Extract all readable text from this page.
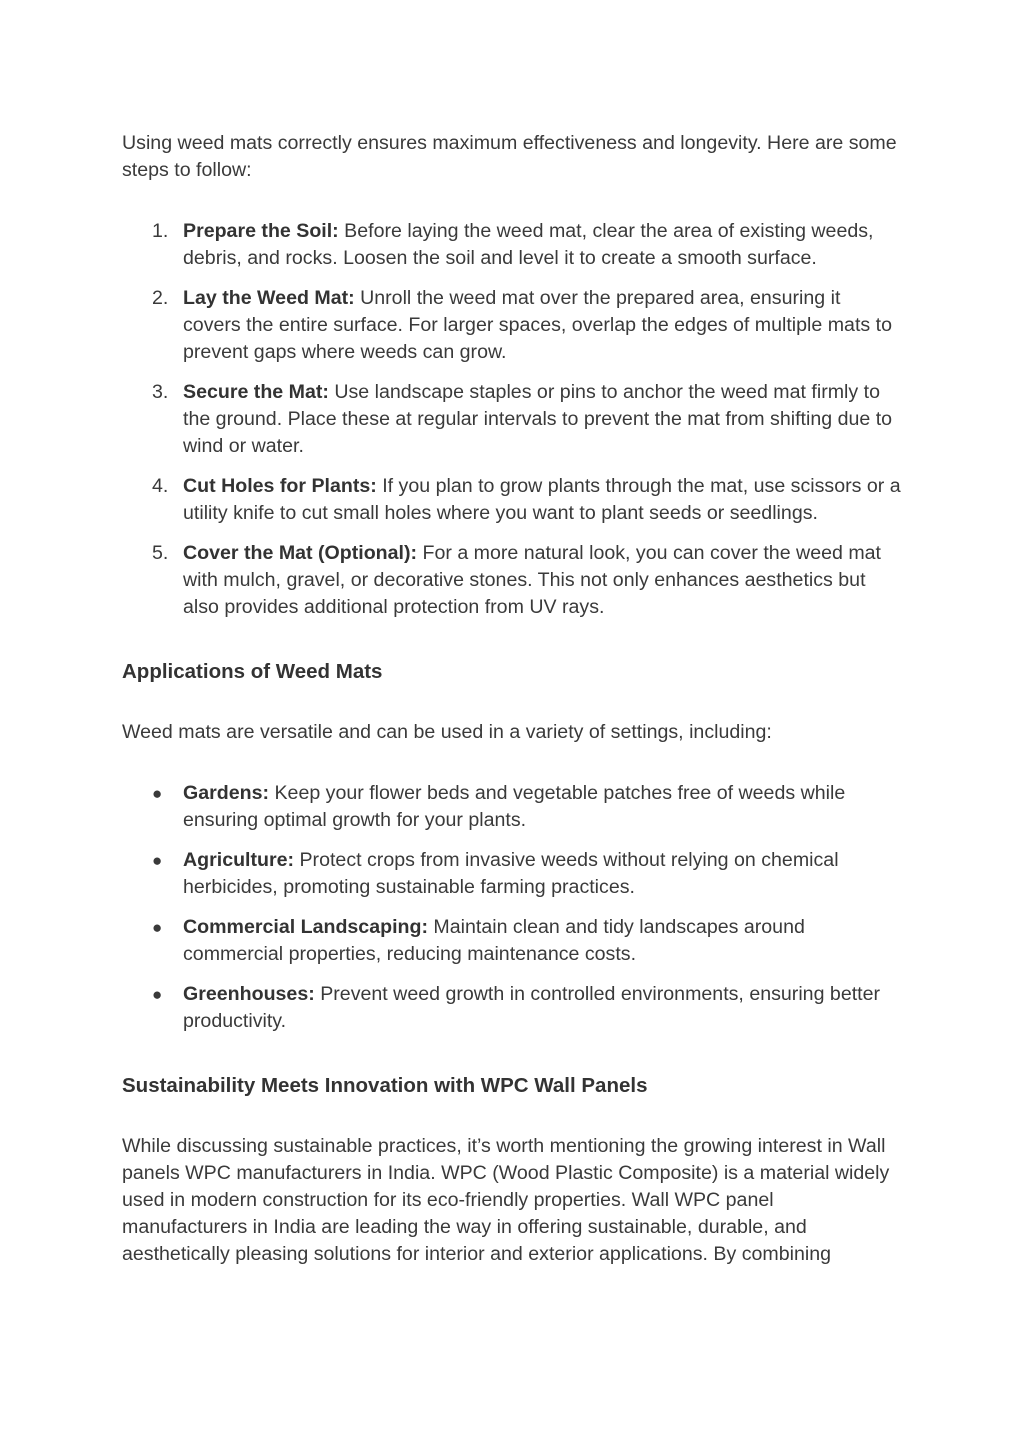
Using weed mats correctly ensures maximum effectiveness and longevity. Here are some steps to follow:

1. Prepare the Soil: Before laying the weed mat, clear the area of existing weeds, debris, and rocks. Loosen the soil and level it to create a smooth surface.
2. Lay the Weed Mat: Unroll the weed mat over the prepared area, ensuring it covers the entire surface. For larger spaces, overlap the edges of multiple mats to prevent gaps where weeds can grow.
3. Secure the Mat: Use landscape staples or pins to anchor the weed mat firmly to the ground. Place these at regular intervals to prevent the mat from shifting due to wind or water.
4. Cut Holes for Plants: If you plan to grow plants through the mat, use scissors or a utility knife to cut small holes where you want to plant seeds or seedlings.
5. Cover the Mat (Optional): For a more natural look, you can cover the weed mat with mulch, gravel, or decorative stones. This not only enhances aesthetics but also provides additional protection from UV rays.
Applications of Weed Mats

Weed mats are versatile and can be used in a variety of settings, including:

● Gardens: Keep your flower beds and vegetable patches free of weeds while ensuring optimal growth for your plants.
● Agriculture: Protect crops from invasive weeds without relying on chemical herbicides, promoting sustainable farming practices.
● Commercial Landscaping: Maintain clean and tidy landscapes around commercial properties, reducing maintenance costs.
● Greenhouses: Prevent weed growth in controlled environments, ensuring better productivity.
Sustainability Meets Innovation with WPC Wall Panels

While discussing sustainable practices, it’s worth mentioning the growing interest in Wall panels WPC manufacturers in India. WPC (Wood Plastic Composite) is a material widely used in modern construction for its eco-friendly properties. Wall WPC panel manufacturers in India are leading the way in offering sustainable, durable, and aesthetically pleasing solutions for interior and exterior applications. By combining
